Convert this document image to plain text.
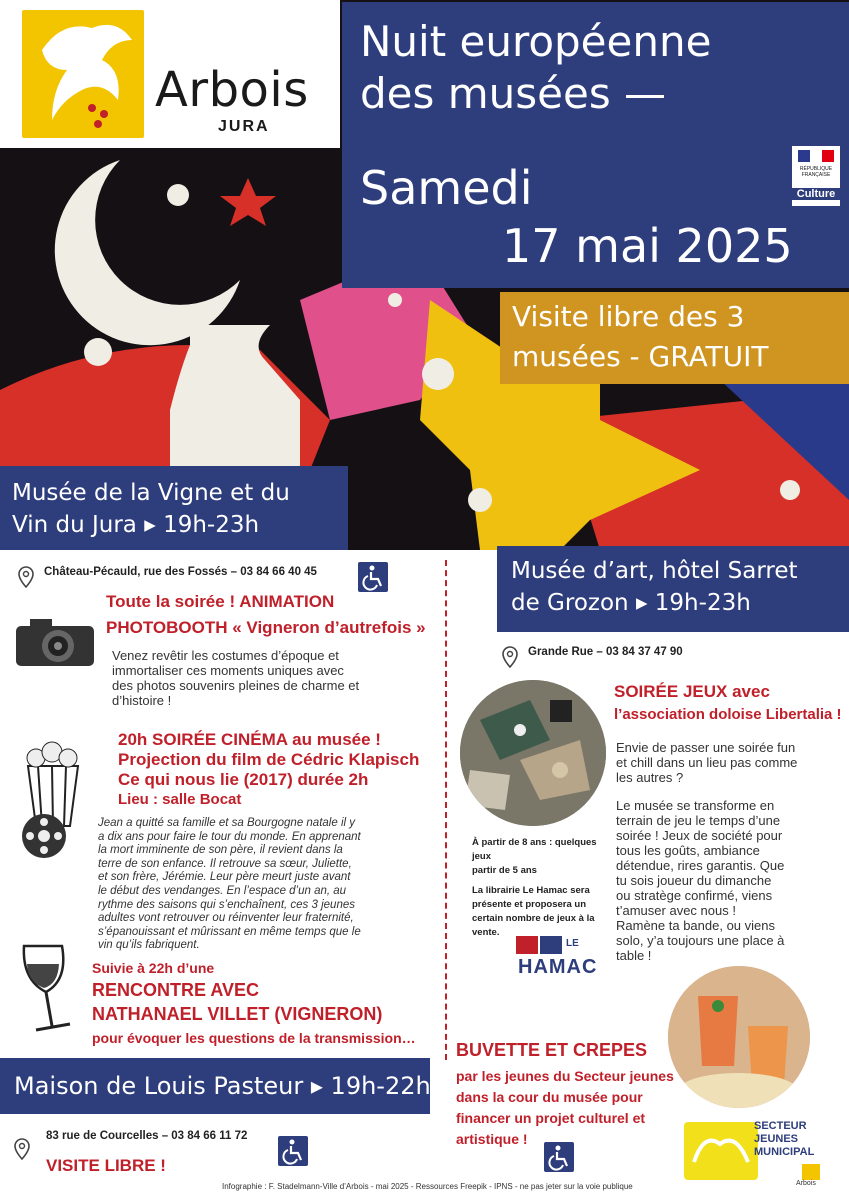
Arbois
JURA
Nuit européenne
des musées —
Samedi
17 mai 2025
RÉPUBLIQUE FRANÇAISE
Culture
Visite libre des 3
musées - GRATUIT
Musée de la Vigne et du
Vin du Jura ▸ 19h-23h
Musée d’art, hôtel Sarret
de Grozon ▸ 19h-23h
Château-Pécauld, rue des Fossés – 03 84 66 40 45
Toute la soirée ! ANIMATION
PHOTOBOOTH « Vigneron d’autrefois »
Venez revêtir les costumes d’époque et
immortaliser ces moments uniques avec
des photos souvenirs pleines de charme et
d’histoire !
20h SOIRÉE CINÉMA au musée !
Projection du film de Cédric Klapisch
Ce qui nous lie (2017) durée 2h
Lieu : salle Bocat
Jean a quitté sa famille et sa Bourgogne natale il y
a dix ans pour faire le tour du monde. En apprenant
la mort imminente de son père, il revient dans la
terre de son enfance. Il retrouve sa sœur, Juliette,
et son frère, Jérémie. Leur père meurt juste avant
le début des vendanges. En l’espace d’un an, au
rythme des saisons qui s’enchaînent, ces 3 jeunes
adultes vont retrouver ou réinventer leur fraternité,
s’épanouissant et mûrissant en même temps que le
vin qu’ils fabriquent.
Suivie à 22h d’une
RENCONTRE AVEC
NATHANAEL VILLET (VIGNERON)
pour évoquer les questions de la transmission…
Maison de Louis Pasteur ▸ 19h-22h
83 rue de Courcelles – 03 84 66 11 72
VISITE LIBRE !
Grande Rue – 03 84 37 47 90
SOIRÉE JEUX avec
l’association doloise Libertalia !
Envie de passer une soirée fun
et chill dans un lieu pas comme
les autres ?
Le musée se transforme en
terrain de jeu le temps d’une
soirée ! Jeux de société pour
tous les goûts, ambiance
détendue, rires garantis. Que
tu sois joueur du dimanche
ou stratège confirmé, viens
t’amuser avec nous !
Ramène ta bande, ou viens
solo, y’a toujours une place à
table !
À partir de 8 ans : quelques jeux
partir de 5 ans
La librairie Le Hamac sera
présente et proposera un
certain nombre de jeux à la
vente.
LE
HAMAC
BUVETTE ET CREPES
par les jeunes du Secteur jeunes
dans la cour du musée pour
financer un projet culturel et
artistique !
SECTEUR
JEUNES
MUNICIPAL
Arbois
Infographie : F. Stadelmann-Ville d’Arbois - mai 2025 - Ressources Freepik - IPNS - ne pas jeter sur la voie publique
